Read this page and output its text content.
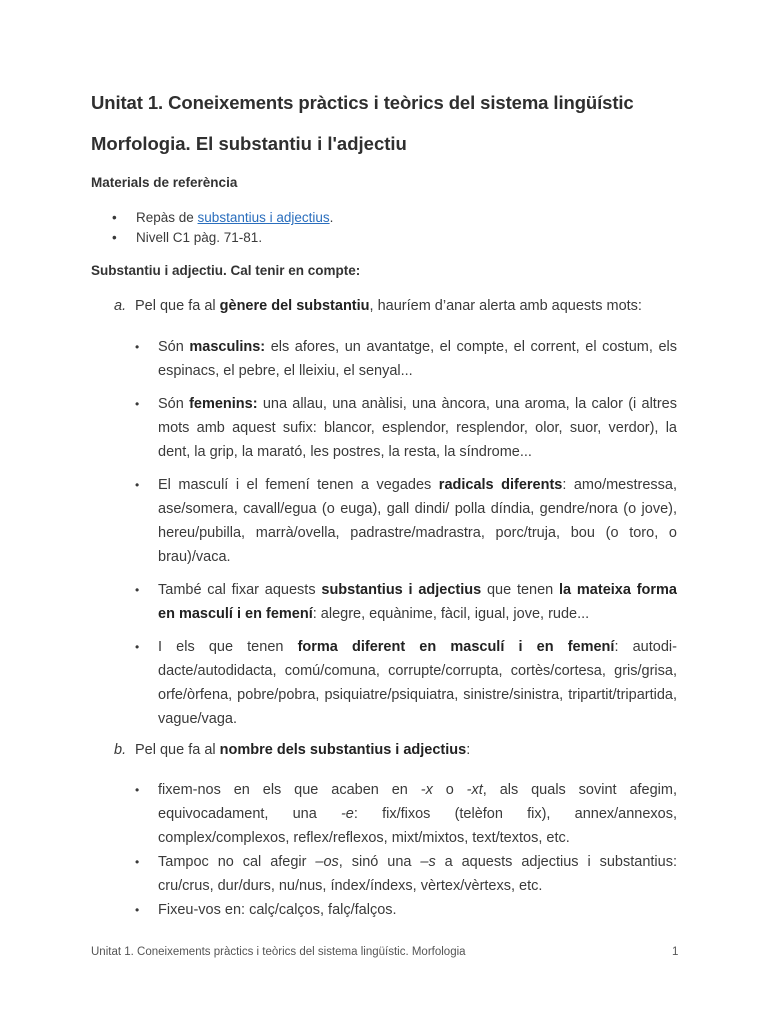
Unitat 1. Coneixements pràctics i teòrics del sistema lingüístic
Morfologia. El substantiu i l'adjectiu
Materials de referència
• Repàs de substantius i adjectius.
• Nivell C1 pàg. 71-81.
Substantiu i adjectiu. Cal tenir en compte:
a. Pel que fa al gènere del substantiu, hauríem d’anar alerta amb aquests mots:
• Són masculins: els afores, un avantatge, el compte, el corrent, el costum, els espinacs, el pebre, el lleixiu, el senyal...
• Són femenins: una allau, una anàlisi, una àncora, una aroma, la calor (i altres mots amb aquest sufix: blancor, esplendor, resplendor, olor, suor, verdor), la dent, la grip, la marató, les postres, la resta, la síndrome...
• El masculí i el femení tenen a vegades radicals diferents: amo/mestressa, ase/somera, cavall/egua (o euga), gall dindi/ polla díndia, gendre/nora (o jove), hereu/pubilla, marrà/ovella, padrastre/madrastra, porc/truja, bou (o toro, o brau)/vaca.
• També cal fixar aquests substantius i adjectius que tenen la mateixa forma en masculí i en femení: alegre, equànime, fàcil, igual, jove, rude...
• I els que tenen forma diferent en masculí i en femení: autodidacte/autodidacta, comú/comuna, corrupte/corrupta, cortès/cortesa, gris/grisa, orfe/òrfena, pobre/pobra, psiquiatre/psiquiatra, sinistre/sinistra, tripartit/tripartida, vague/vaga.
b. Pel que fa al nombre dels substantius i adjectius:
• fixem-nos en els que acaben en -x o -xt, als quals sovint afegim, equivocadament, una -e: fix/fixos (telèfon fix), annex/annexos, complex/complexos, reflex/reflexos, mixt/mixtos, text/textos, etc.
• Tampoc no cal afegir –os, sinó una –s a aquests adjectius i substantius: cru/crus, dur/durs, nu/nus, índex/índexs, vèrtex/vèrtexs, etc.
• Fixeu-vos en: calç/calços, falç/falços.
Unitat 1. Coneixements pràctics i teòrics del sistema lingüístic. Morfologia	1
